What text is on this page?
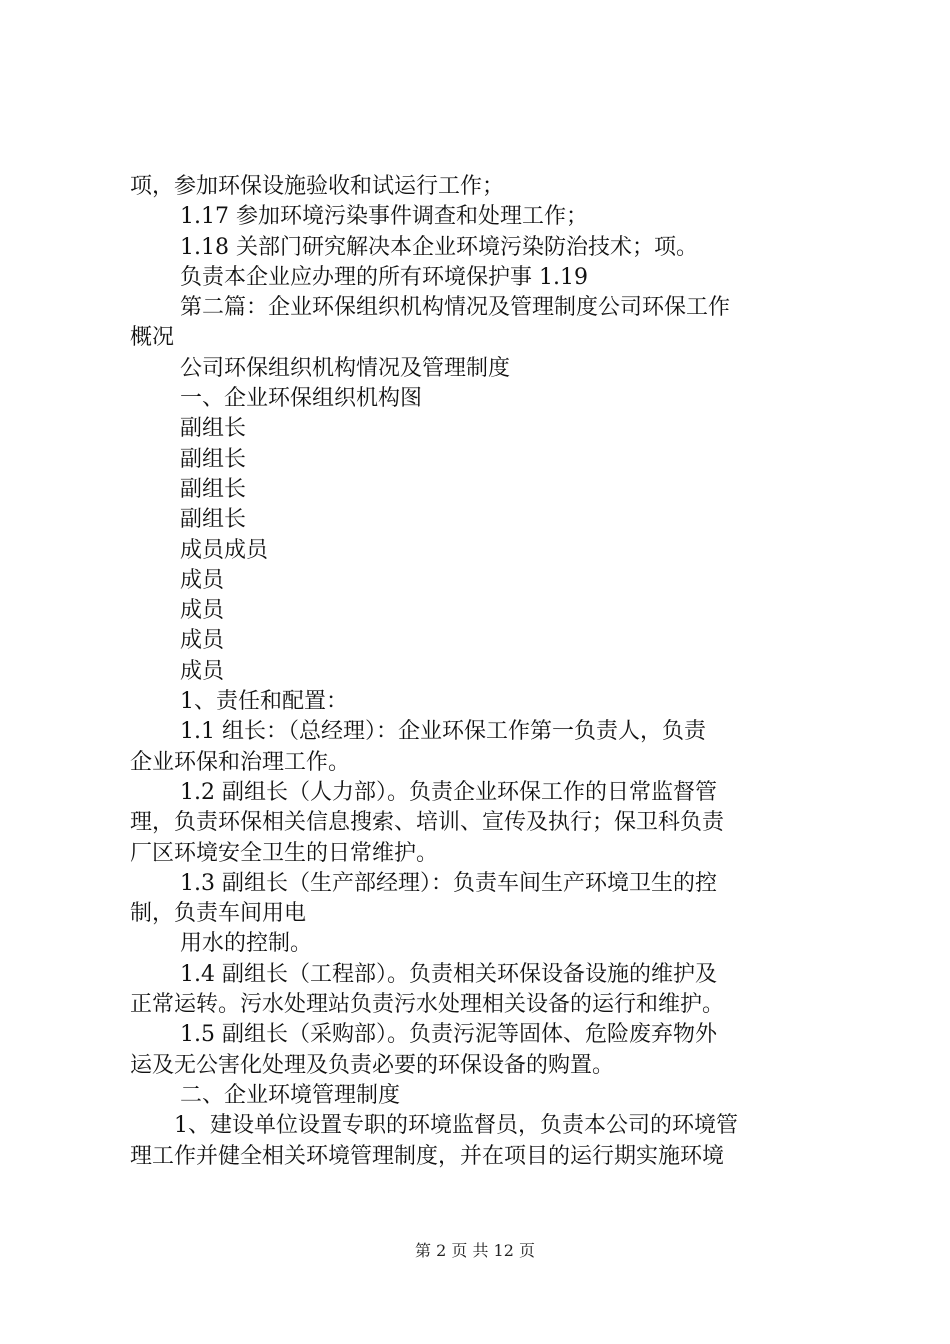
项，参加环保设施验收和试运行工作；
1.17 参加环境污染事件调查和处理工作；
1.18 关部门研究解决本企业环境污染防治技术；项。
负责本企业应办理的所有环境保护事 1.19
第二篇：企业环保组织机构情况及管理制度公司环保工作
概况
公司环保组织机构情况及管理制度
一、企业环保组织机构图
副组长
副组长
副组长
副组长
成员成员
成员
成员
成员
成员
1、责任和配置：
1.1 组长：（总经理）：企业环保工作第一负责人，负责
企业环保和治理工作。
1.2 副组长（人力部）。负责企业环保工作的日常监督管
理，负责环保相关信息搜索、培训、宣传及执行；保卫科负责
厂区环境安全卫生的日常维护。
1.3 副组长（生产部经理）：负责车间生产环境卫生的控
制，负责车间用电
用水的控制。
1.4 副组长（工程部）。负责相关环保设备设施的维护及
正常运转。污水处理站负责污水处理相关设备的运行和维护。
1.5 副组长（采购部）。负责污泥等固体、危险废弃物外
运及无公害化处理及负责必要的环保设备的购置。
二、企业环境管理制度
1、建设单位设置专职的环境监督员，负责本公司的环境管
理工作并健全相关环境管理制度，并在项目的运行期实施环境
第 2 页 共 12 页
